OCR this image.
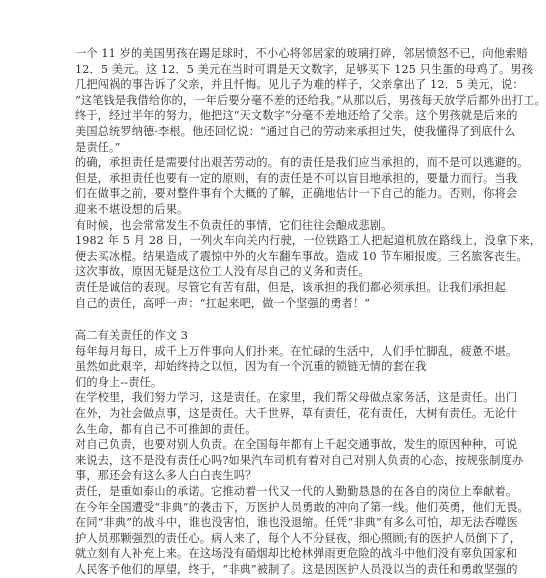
一个 11 岁的美国男孩在踢足球时，不小心将邻居家的玻璃打碎，邻居愤怒不已，向他索赔
12．5 美元。这 12．5 美元在当时可谓是天文数字，足够买下 125 只生蛋的母鸡了。男孩
几把闯祸的事告诉了父亲，并且忏悔。见儿子为难的样子，父亲拿出了 12．5 美元，说：
“这笔钱是我借给你的，一年后要分毫不差的还给我。”从那以后，男孩每天放学后都外出打工。
终于，经过半年的努力，他把这“天文数字”分毫不差地还给了父亲。这个男孩就是后来的
美国总统罗纳德·李根。他还回忆说：“通过自己的劳动来承担过失，使我懂得了到底什么
是责任。”
的确，承担责任是需要付出艰苦劳动的。有的责任是我们应当承担的，而不是可以逃避的。
但是，承担责任也要有一定的原则，有的责任是不可以盲目地承担的，要量力而行。当我
们在做事之前，要对整件事有个大概的了解，正确地估计一下自己的能力。否则，你将会
迎来不堪设想的后果。
有时候，也会常常发生不负责任的事情，它们往往会酿成悲剧。
1982 年 5 月 28 日，一列火车向关内行驶，一位铁路工人把起道机放在路线上，没拿下来，
便去买冰棍。结果造成了震惊中外的火车翻车事故。造成 10 节车厢报废。三名旅客丧生。
这次事故，原因无疑是这位工人没有尽自己的义务和责任。
责任是诚信的表现。尽管它有苦有甜，但是，该承担的我们都必须承担。让我们承担起
自己的责任，高呼一声：“扛起来吧，做一个坚强的勇者！”
高二有关责任的作文 3
每年每月每日，成千上万件事向人们扑来。在忙碌的生活中，人们手忙脚乱，疲惫不堪。
虽然如此艰辛，却始终持之以恒，因为有一个沉重的锁链无情的套在我
们的身上--责任。
在学校里，我们努力学习，这是责任。在家里，我们帮父母做点家务活，这是责任。出门
在外，为社会做点事，这是责任。大千世界，草有责任，花有责任，大树有责任。无论什
么生命，都有自己不可推卸的责任。
对自己负责，也要对别人负责。在全国每年都有上千起交通事故，发生的原因种种，可说
来说去，这不是没有责任心吗?如果汽车司机有着对自己对别人负责的心态，按规张制度办
事，那还会有这么多人白白丧生吗？
责任，是重如泰山的承诺。它推动着一代又一代的人勤勤恳恳的在各自的岗位上奉献着。
在今年全国遭受“非典”的袭击下，万医护人员勇敢的冲向了第一线。他们英勇，他们无畏。
在同“非典”的战斗中，谁也没害怕，谁也没退缩。任凭“非典”有多么可怕，却无法吞噬医
护人员那颗强烈的责任心。病人来了，每个人不分昼夜，细心照顾;有的医护人员倒下了，
就立刻有人补充上来。在这场没有硝烟却比枪林弹雨更危险的战斗中他们没有辜负国家和
人民客予他们的厚望，终于，“非典”被制了。这是因医护人员没以当的责任和勇敢坚强的
